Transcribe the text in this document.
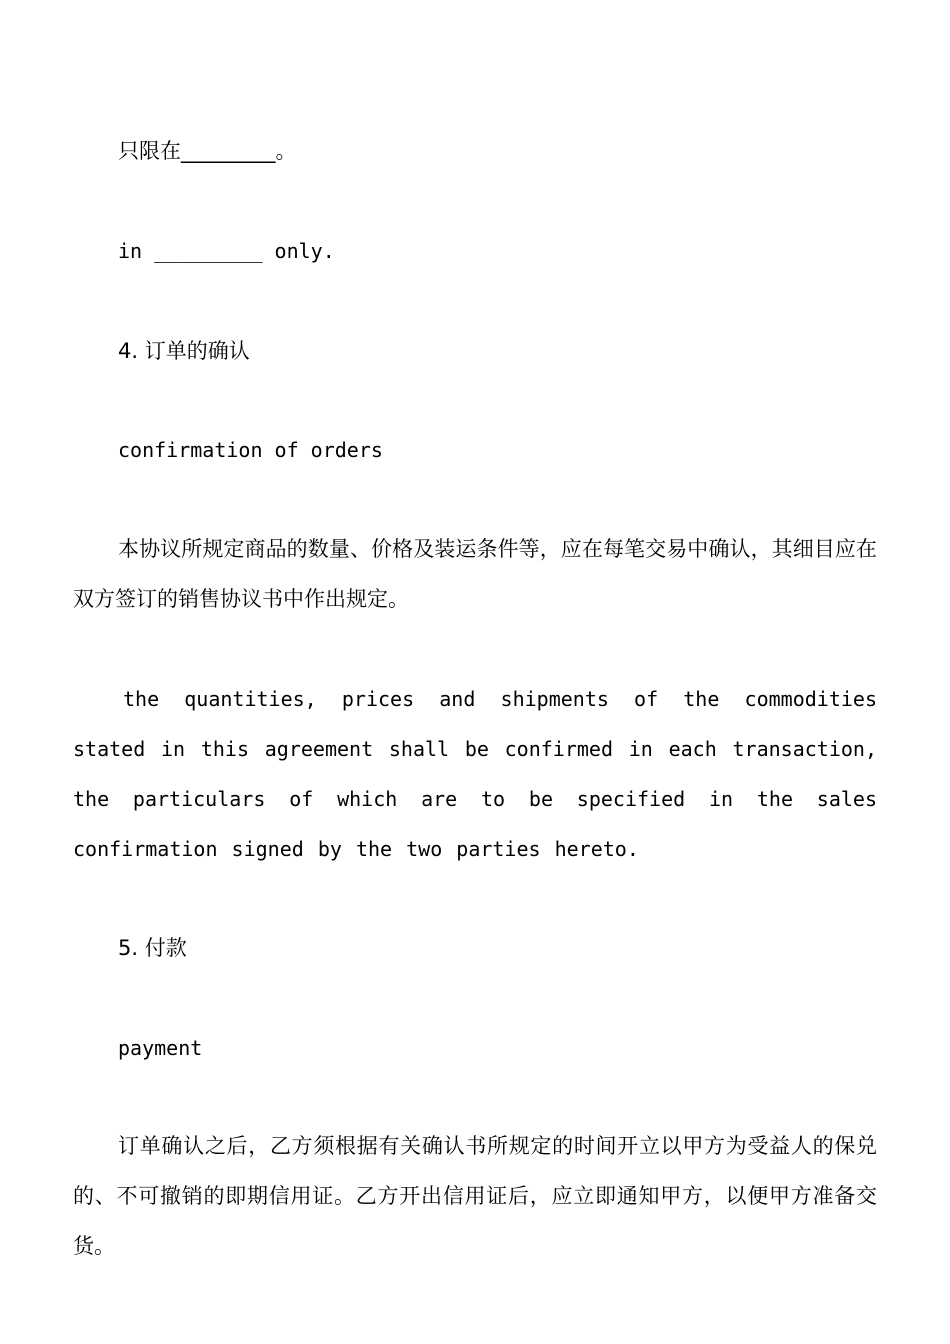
只限在_________。
in _________ only.
4. 订单的确认
confirmation of orders
本协议所规定商品的数量、价格及装运条件等，应在每笔交易中确认，其细目应在双方签订的销售协议书中作出规定。
the quantities, prices and shipments of the commodities stated in this agreement shall be confirmed in each transaction, the particulars of which are to be specified in the sales confirmation signed by the two parties hereto.
5. 付款
payment
订单确认之后，乙方须根据有关确认书所规定的时间开立以甲方为受益人的保兑的、不可撤销的即期信用证。乙方开出信用证后，应立即通知甲方，以便甲方准备交货。
